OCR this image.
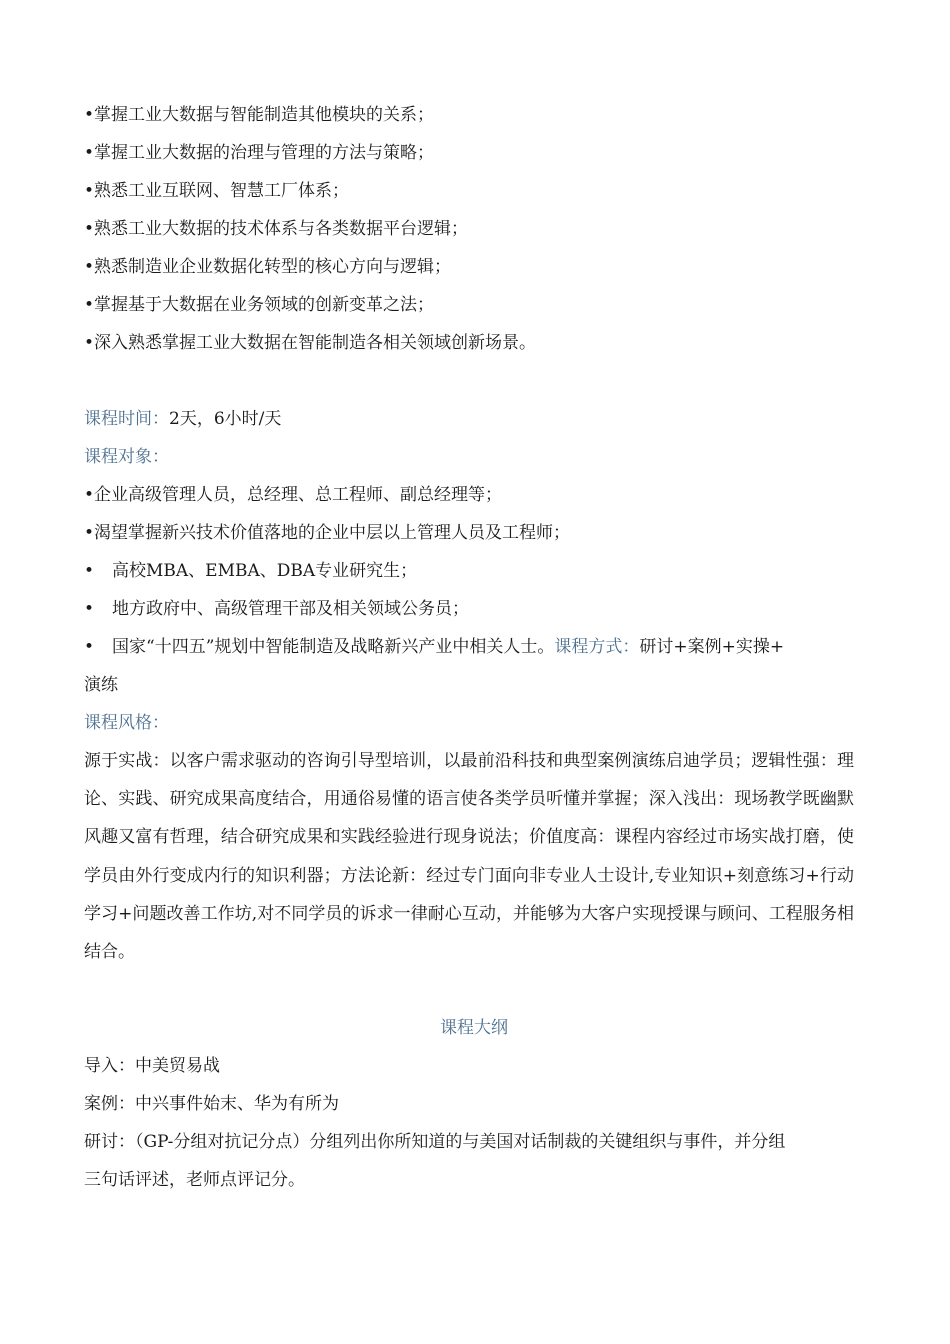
•掌握工业大数据与智能制造其他模块的关系；
•掌握工业大数据的治理与管理的方法与策略；
•熟悉工业互联网、智慧工厂体系；
•熟悉工业大数据的技术体系与各类数据平台逻辑；
•熟悉制造业企业数据化转型的核心方向与逻辑；
•掌握基于大数据在业务领域的创新变革之法；
•深入熟悉掌握工业大数据在智能制造各相关领域创新场景。
课程时间：2天，6小时/天
课程对象：
•企业高级管理人员，总经理、总工程师、副总经理等；
•渴望掌握新兴技术价值落地的企业中层以上管理人员及工程师；
• 高校MBA、EMBA、DBA专业研究生；
• 地方政府中、高级管理干部及相关领域公务员；
• 国家“十四五”规划中智能制造及战略新兴产业中相关人士。课程方式：研讨+案例+实操+
演练
课程风格：
源于实战：以客户需求驱动的咨询引导型培训，以最前沿科技和典型案例演练启迪学员；逻辑性强：理论、实践、研究成果高度结合，用通俗易懂的语言使各类学员听懂并掌握；深入浅出：现场教学既幽默风趣又富有哲理，结合研究成果和实践经验进行现身说法；价值度高：课程内容经过市场实战打磨，使学员由外行变成内行的知识利器；方法论新：经过专门面向非专业人士设计,专业知识+刻意练习+行动学习+问题改善工作坊,对不同学员的诉求一律耐心互动，并能够为大客户实现授课与顾问、工程服务相结合。
课程大纲
导入：中美贸易战
案例：中兴事件始末、华为有所为
研讨：（GP-分组对抗记分点）分组列出你所知道的与美国对话制裁的关键组织与事件，并分组
三句话评述，老师点评记分。
